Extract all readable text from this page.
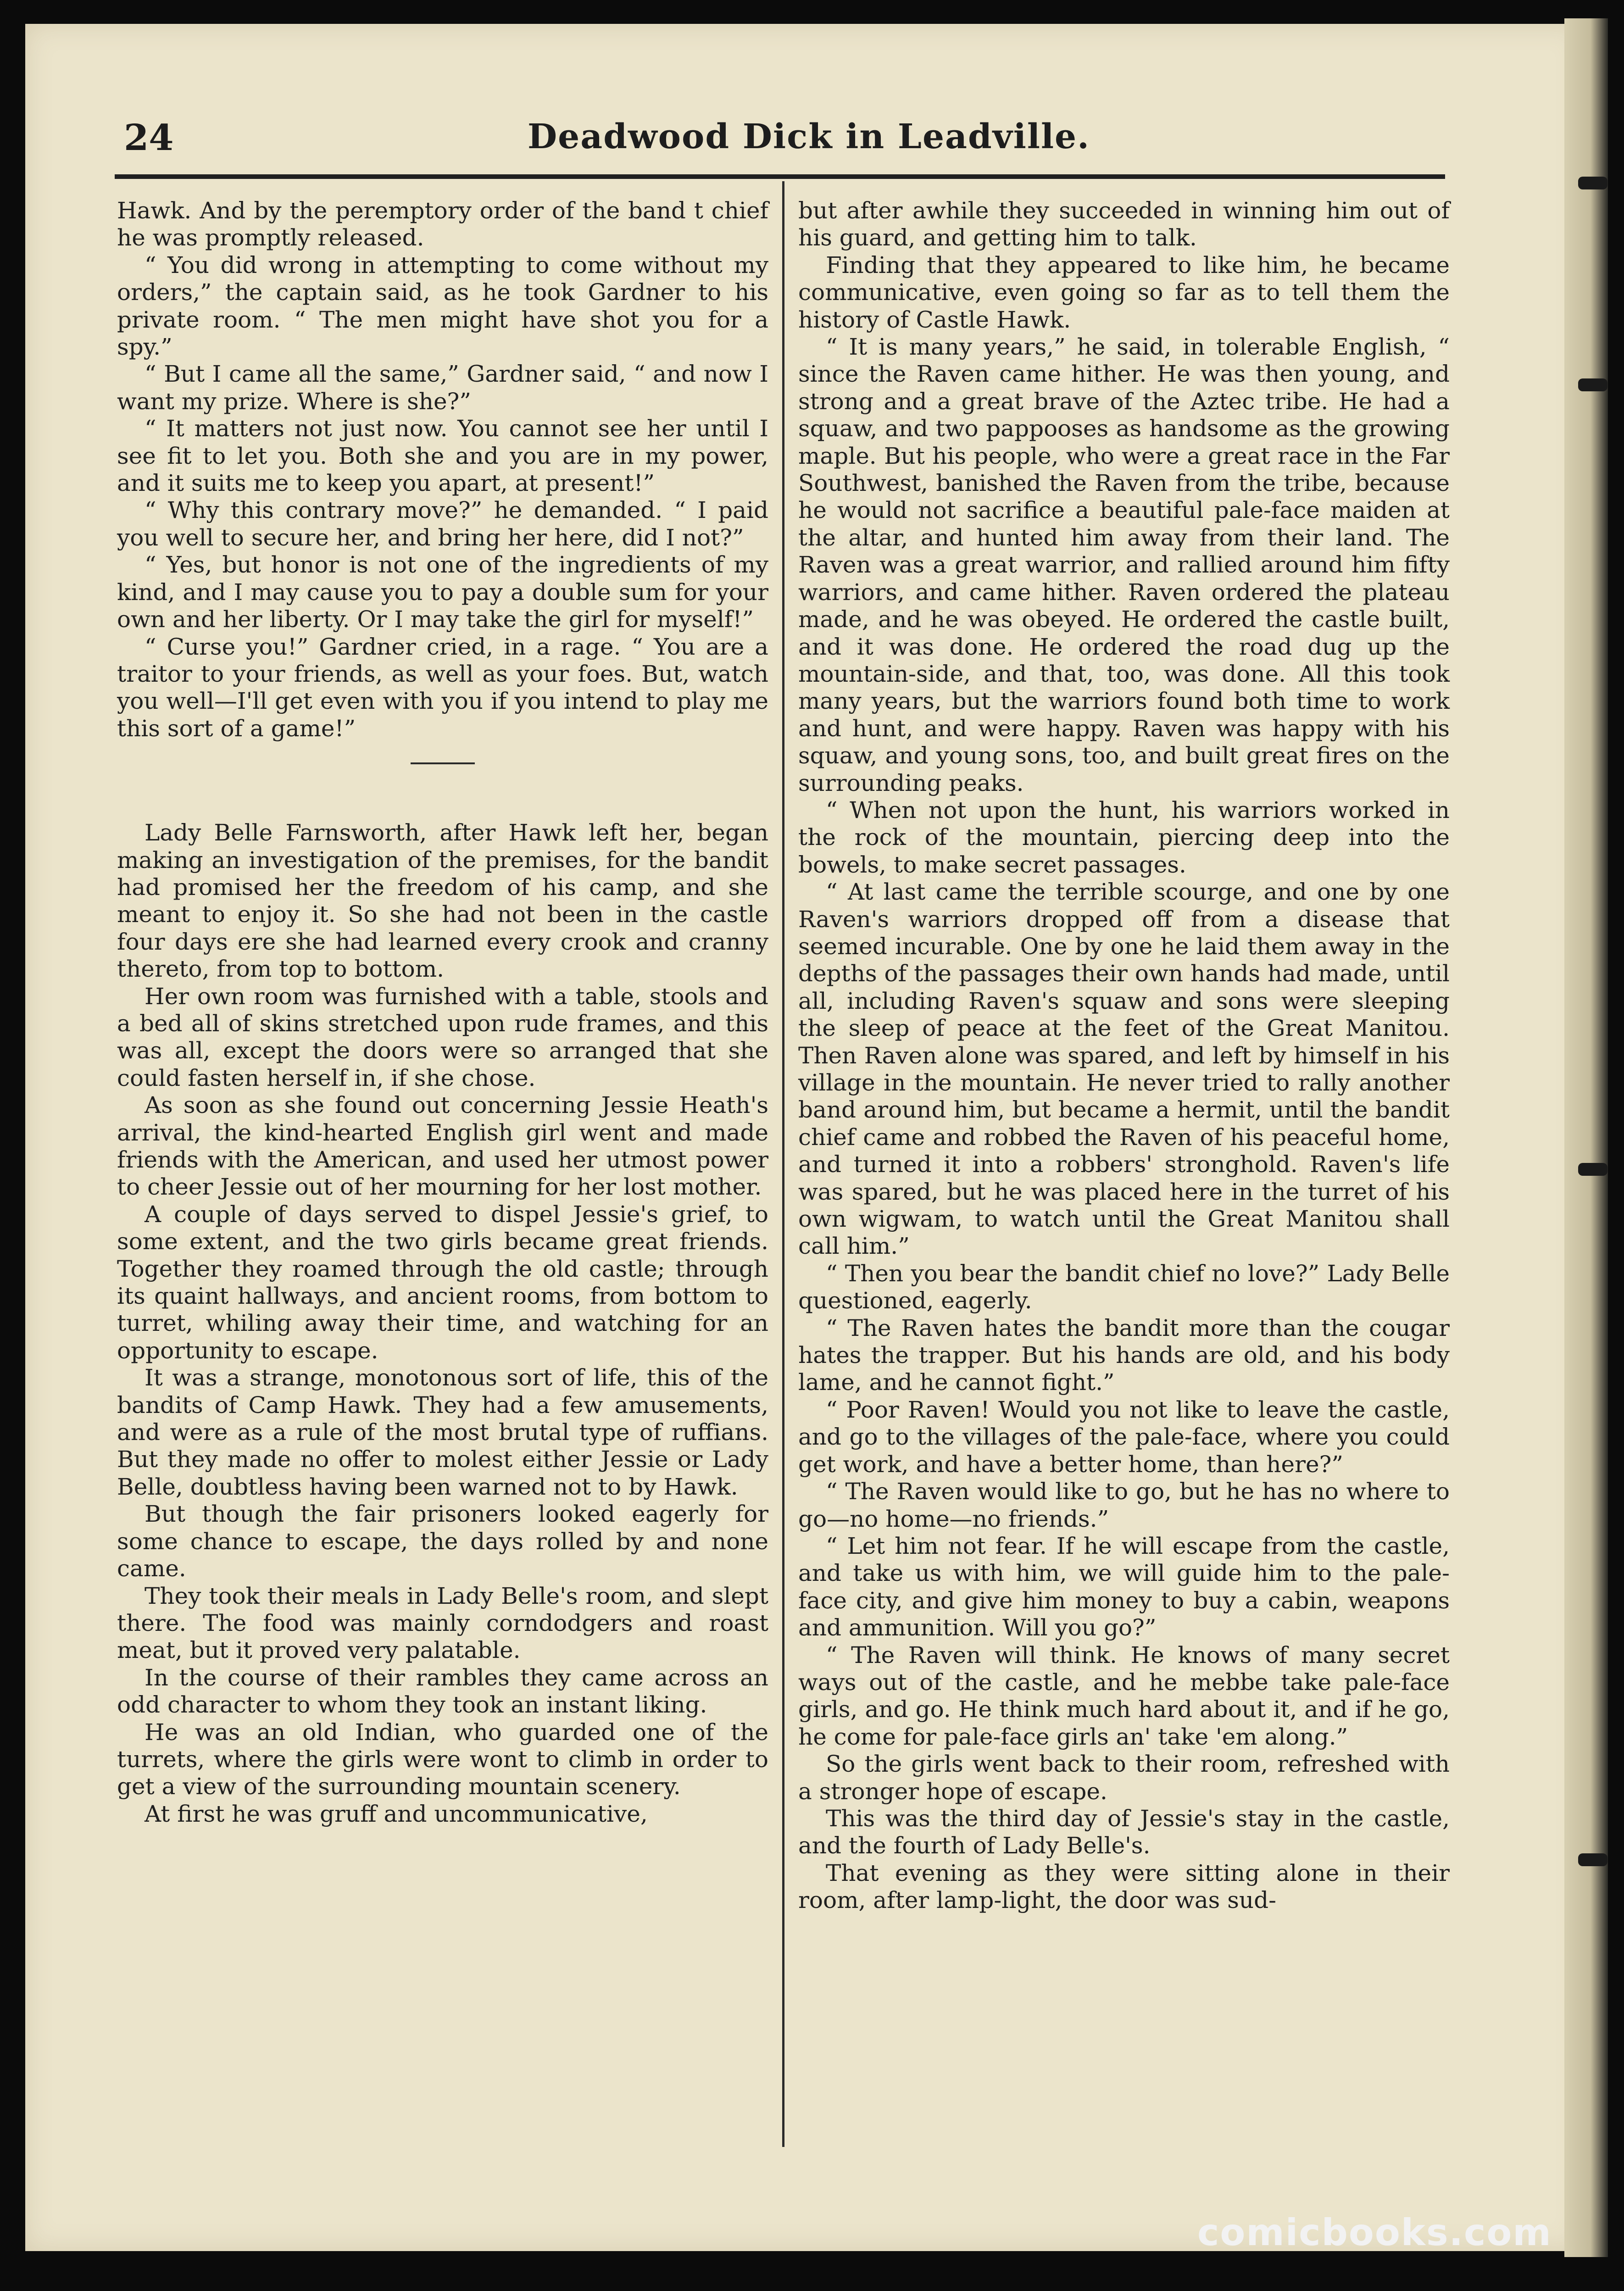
24	Deadwood Dick in Leadville.

Hawk. And by the peremptory order of the band t chief he was promptly released.

“ You did wrong in attempting to come without my orders,” the captain said, as he took Gardner to his private room. “ The men might have shot you for a spy.”

“ But I came all the same,” Gardner said, “ and now I want my prize. Where is she?”

“ It matters not just now. You cannot see her until I see fit to let you. Both she and you are in my power, and it suits me to keep you apart, at present!”

“ Why this contrary move?” he demanded. “ I paid you well to secure her, and bring her here, did I not?”

“ Yes, but honor is not one of the ingredients of my kind, and I may cause you to pay a double sum for your own and her liberty. Or I may take the girl for myself!”

“ Curse you!” Gardner cried, in a rage. “ You are a traitor to your friends, as well as your foes. But, watch you well—I'll get even with you if you intend to play me this sort of a game!”

Lady Belle Farnsworth, after Hawk left her, began making an investigation of the premises, for the bandit had promised her the freedom of his camp, and she meant to enjoy it. So she had not been in the castle four days ere she had learned every crook and cranny thereto, from top to bottom.

Her own room was furnished with a table, stools and a bed all of skins stretched upon rude frames, and this was all, except the doors were so arranged that she could fasten herself in, if she chose.

As soon as she found out concerning Jessie Heath's arrival, the kind-hearted English girl went and made friends with the American, and used her utmost power to cheer Jessie out of her mourning for her lost mother.

A couple of days served to dispel Jessie's grief, to some extent, and the two girls became great friends. Together they roamed through the old castle; through its quaint hallways, and ancient rooms, from bottom to turret, whiling away their time, and watching for an opportunity to escape.

It was a strange, monotonous sort of life, this of the bandits of Camp Hawk. They had a few amusements, and were as a rule of the most brutal type of ruffians. But they made no offer to molest either Jessie or Lady Belle, doubtless having been warned not to by Hawk.

But though the fair prisoners looked eagerly for some chance to escape, the days rolled by and none came.

They took their meals in Lady Belle's room, and slept there. The food was mainly corndodgers and roast meat, but it proved very palatable.

In the course of their rambles they came across an odd character to whom they took an instant liking.

He was an old Indian, who guarded one of the turrets, where the girls were wont to climb in order to get a view of the surrounding mountain scenery.

At first he was gruff and uncommunicative,

but after awhile they succeeded in winning him out of his guard, and getting him to talk.

Finding that they appeared to like him, he became communicative, even going so far as to tell them the history of Castle Hawk.

“ It is many years,” he said, in tolerable English, “ since the Raven came hither. He was then young, and strong and a great brave of the Aztec tribe. He had a squaw, and two pappooses as handsome as the growing maple. But his people, who were a great race in the Far Southwest, banished the Raven from the tribe, because he would not sacrifice a beautiful pale-face maiden at the altar, and hunted him away from their land. The Raven was a great warrior, and rallied around him fifty warriors, and came hither. Raven ordered the plateau made, and he was obeyed. He ordered the castle built, and it was done. He ordered the road dug up the mountain-side, and that, too, was done. All this took many years, but the warriors found both time to work and hunt, and were happy. Raven was happy with his squaw, and young sons, too, and built great fires on the surrounding peaks.

“ When not upon the hunt, his warriors worked in the rock of the mountain, piercing deep into the bowels, to make secret passages.

“ At last came the terrible scourge, and one by one Raven's warriors dropped off from a disease that seemed incurable. One by one he laid them away in the depths of the passages their own hands had made, until all, including Raven's squaw and sons were sleeping the sleep of peace at the feet of the Great Manitou. Then Raven alone was spared, and left by himself in his village in the mountain. He never tried to rally another band around him, but became a hermit, until the bandit chief came and robbed the Raven of his peaceful home, and turned it into a robbers' stronghold. Raven's life was spared, but he was placed here in the turret of his own wigwam, to watch until the Great Manitou shall call him.”

“ Then you bear the bandit chief no love?” Lady Belle questioned, eagerly.

“ The Raven hates the bandit more than the cougar hates the trapper. But his hands are old, and his body lame, and he cannot fight.”

“ Poor Raven! Would you not like to leave the castle, and go to the villages of the pale-face, where you could get work, and have a better home, than here?”

“ The Raven would like to go, but he has no where to go—no home—no friends.”

“ Let him not fear. If he will escape from the castle, and take us with him, we will guide him to the pale-face city, and give him money to buy a cabin, weapons and ammunition. Will you go?”

“ The Raven will think. He knows of many secret ways out of the castle, and he mebbe take pale-face girls, and go. He think much hard about it, and if he go, he come for pale-face girls an' take 'em along.”

So the girls went back to their room, refreshed with a stronger hope of escape.

This was the third day of Jessie's stay in the castle, and the fourth of Lady Belle's.

That evening as they were sitting alone in their room, after lamp-light, the door was sud-

comicbooks.com
